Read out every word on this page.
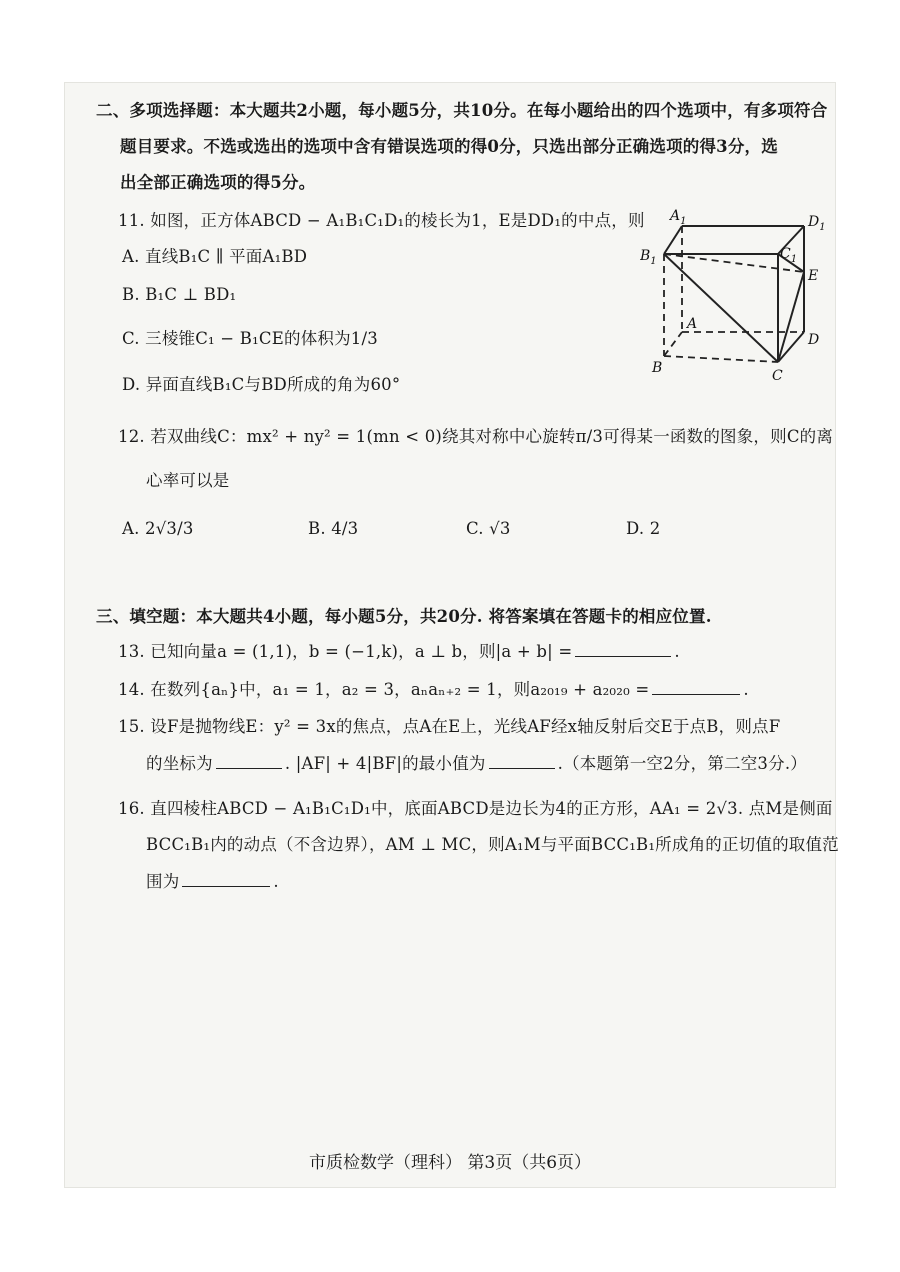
二、多项选择题：本大题共2小题，每小题5分，共10分。在每小题给出的四个选项中，有多项符合
题目要求。不选或选出的选项中含有错误选项的得0分，只选出部分正确选项的得3分，选
出全部正确选项的得5分。
11. 如图，正方体ABCD − A₁B₁C₁D₁的棱长为1，E是DD₁的中点，则
A. 直线B₁C ∥ 平面A₁BD
B. B₁C ⊥ BD₁
C. 三棱锥C₁ − B₁CE的体积为1/3
D. 异面直线B₁C与BD所成的角为60°
$A_1$	$D_1$
$B_1$	$C_1$
E
A
D
B	C
12. 若双曲线C：mx² + ny² = 1(mn < 0)绕其对称中心旋转π/3可得某一函数的图象，则C的离
心率可以是
A. 2√3/3	B. 4/3	C. √3	D. 2
三、填空题：本大题共4小题，每小题5分，共20分. 将答案填在答题卡的相应位置.
13. 已知向量a = (1,1)，b = (−1,k)，a ⊥ b，则|a + b| =	.
14. 在数列{aₙ}中，a₁ = 1，a₂ = 3，aₙaₙ₊₂ = 1，则a₂₀₁₉ + a₂₀₂₀ =	.
15. 设F是抛物线E：y² = 3x的焦点，点A在E上，光线AF经x轴反射后交E于点B，则点F
的坐标为	. |AF| + 4|BF|的最小值为	.（本题第一空2分，第二空3分.）
16. 直四棱柱ABCD − A₁B₁C₁D₁中，底面ABCD是边长为4的正方形，AA₁ = 2√3. 点M是侧面
BCC₁B₁内的动点（不含边界），AM ⊥ MC，则A₁M与平面BCC₁B₁所成角的正切值的取值范
围为	.
市质检数学（理科） 第3页（共6页）
